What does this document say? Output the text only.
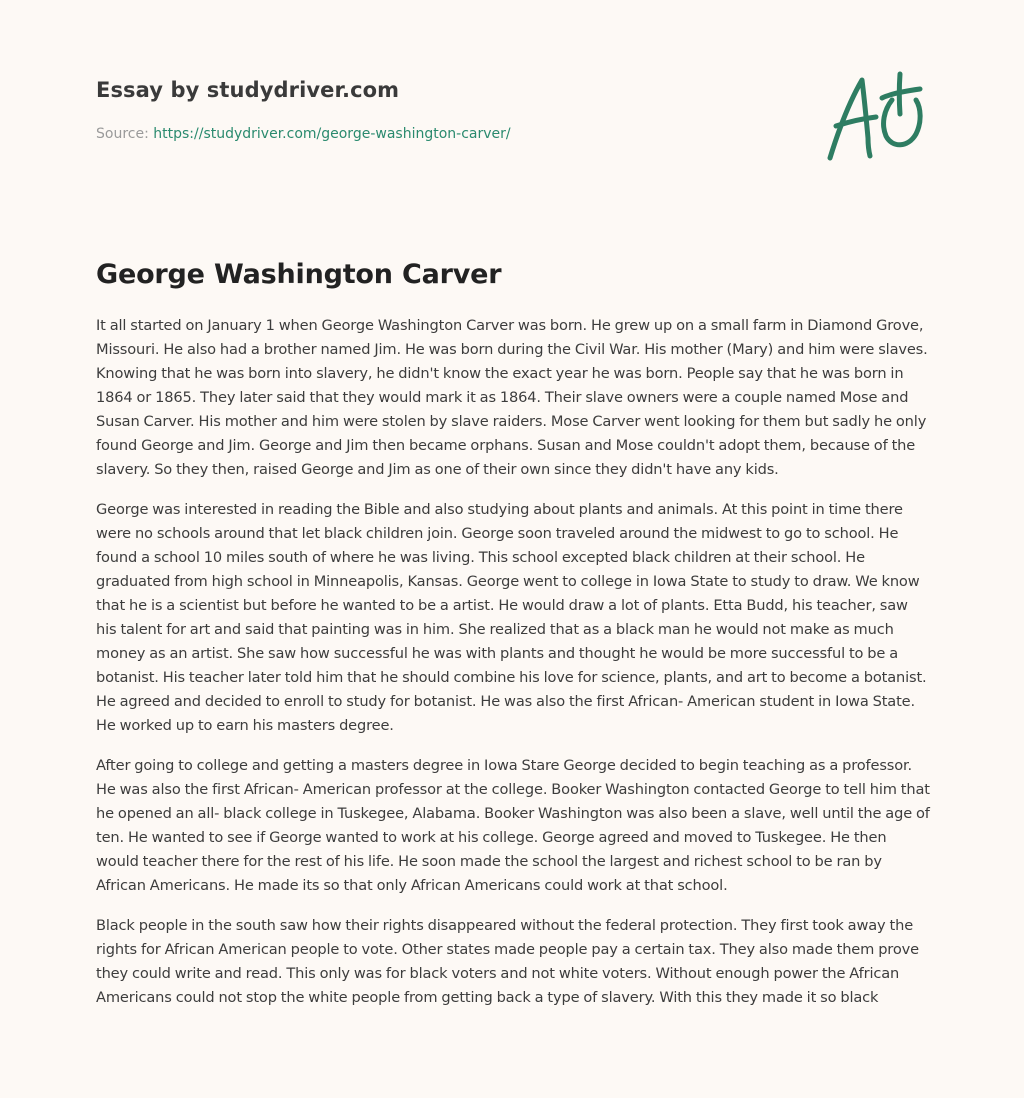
Essay by studydriver.com
Source: https://studydriver.com/george-washington-carver/
George Washington Carver

It all started on January 1 when George Washington Carver was born. He grew up on a small farm in Diamond Grove, Missouri. He also had a brother named Jim. He was born during the Civil War. His mother (Mary) and him were slaves. Knowing that he was born into slavery, he didn't know the exact year he was born. People say that he was born in 1864 or 1865. They later said that they would mark it as 1864. Their slave owners were a couple named Mose and Susan Carver. His mother and him were stolen by slave raiders. Mose Carver went looking for them but sadly he only found George and Jim. George and Jim then became orphans. Susan and Mose couldn't adopt them, because of the slavery. So they then, raised George and Jim as one of their own since they didn't have any kids.

George was interested in reading the Bible and also studying about plants and animals. At this point in time there were no schools around that let black children join. George soon traveled around the midwest to go to school. He found a school 10 miles south of where he was living. This school excepted black children at their school. He graduated from high school in Minneapolis, Kansas. George went to college in Iowa State to study to draw. We know that he is a scientist but before he wanted to be a artist. He would draw a lot of plants. Etta Budd, his teacher, saw his talent for art and said that painting was in him. She realized that as a black man he would not make as much money as an artist. She saw how successful he was with plants and thought he would be more successful to be a botanist. His teacher later told him that he should combine his love for science, plants, and art to become a botanist. He agreed and decided to enroll to study for botanist. He was also the first African- American student in Iowa State. He worked up to earn his masters degree.

After going to college and getting a masters degree in Iowa Stare George decided to begin teaching as a professor. He was also the first African- American professor at the college. Booker Washington contacted George to tell him that he opened an all- black college in Tuskegee, Alabama. Booker Washington was also been a slave, well until the age of ten. He wanted to see if George wanted to work at his college. George agreed and moved to Tuskegee. He then would teacher there for the rest of his life. He soon made the school the largest and richest school to be ran by African Americans. He made its so that only African Americans could work at that school.

Black people in the south saw how their rights disappeared without the federal protection. They first took away the rights for African American people to vote. Other states made people pay a certain tax. They also made them prove they could write and read. This only was for black voters and not white voters. Without enough power the African Americans could not stop the white people from getting back a type of slavery. With this they made it so black
